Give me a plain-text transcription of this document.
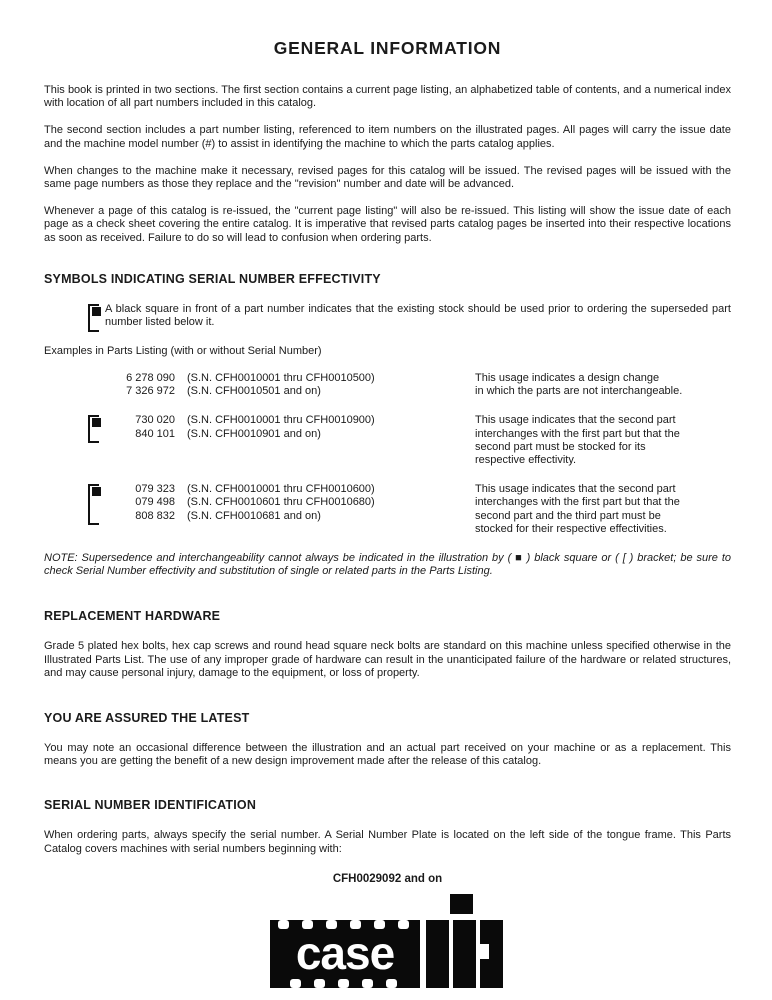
GENERAL INFORMATION

This book is printed in two sections. The first section contains a current page listing, an alphabetized table of contents, and a numerical index with location of all part numbers included in this catalog.

The second section includes a part number listing, referenced to item numbers on the illustrated pages. All pages will carry the issue date and the machine model number (#) to assist in identifying the machine to which the parts catalog applies.

When changes to the machine make it necessary, revised pages for this catalog will be issued. The revised pages will be issued with the same page numbers as those they replace and the "revision" number and date will be advanced.

Whenever a page of this catalog is re-issued, the "current page listing" will also be re-issued. This listing will show the issue date of each page as a check sheet covering the entire catalog. It is imperative that revised parts catalog pages be inserted into their respective locations as soon as received. Failure to do so will lead to confusion when ordering parts.

SYMBOLS INDICATING SERIAL NUMBER EFFECTIVITY
A black square in front of a part number indicates that the existing stock should be used prior to ordering the superseded part number listed below it.

Examples in Parts Listing (with or without Serial Number)

6 278 090 (S.N. CFH0010001 thru CFH0010500)
7 326 972 (S.N. CFH0010501 and on)
This usage indicates a design change
in which the parts are not interchangeable.
730 020 (S.N. CFH0010001 thru CFH0010900)
840 101 (S.N. CFH0010901 and on)
This usage indicates that the second part
interchanges with the first part but that the
second part must be stocked for its
respective effectivity.
079 323 (S.N. CFH0010001 thru CFH0010600)
079 498 (S.N. CFH0010601 thru CFH0010680)
808 832 (S.N. CFH0010681 and on)
This usage indicates that the second part
interchanges with the first part but that the
second part and the third part must be
stocked for their respective effectivities.

NOTE: Supersedence and interchangeability cannot always be indicated in the illustration by ( ■ ) black square or ( [ ) bracket; be sure to check Serial Number effectivity and substitution of single or related parts in the Parts Listing.

REPLACEMENT HARDWARE

Grade 5 plated hex bolts, hex cap screws and round head square neck bolts are standard on this machine unless specified otherwise in the Illustrated Parts List. The use of any improper grade of hardware can result in the unanticipated failure of the hardware or related structures, and may cause personal injury, damage to the equipment, or loss of property.

YOU ARE ASSURED THE LATEST

You may note an occasional difference between the illustration and an actual part received on your machine or as a replacement. This means you are getting the benefit of a new design improvement made after the release of this catalog.

SERIAL NUMBER IDENTIFICATION

When ordering parts, always specify the serial number. A Serial Number Plate is located on the left side of the tongue frame. This Parts Catalog covers machines with serial numbers beginning with:

CFH0029092 and on
case
